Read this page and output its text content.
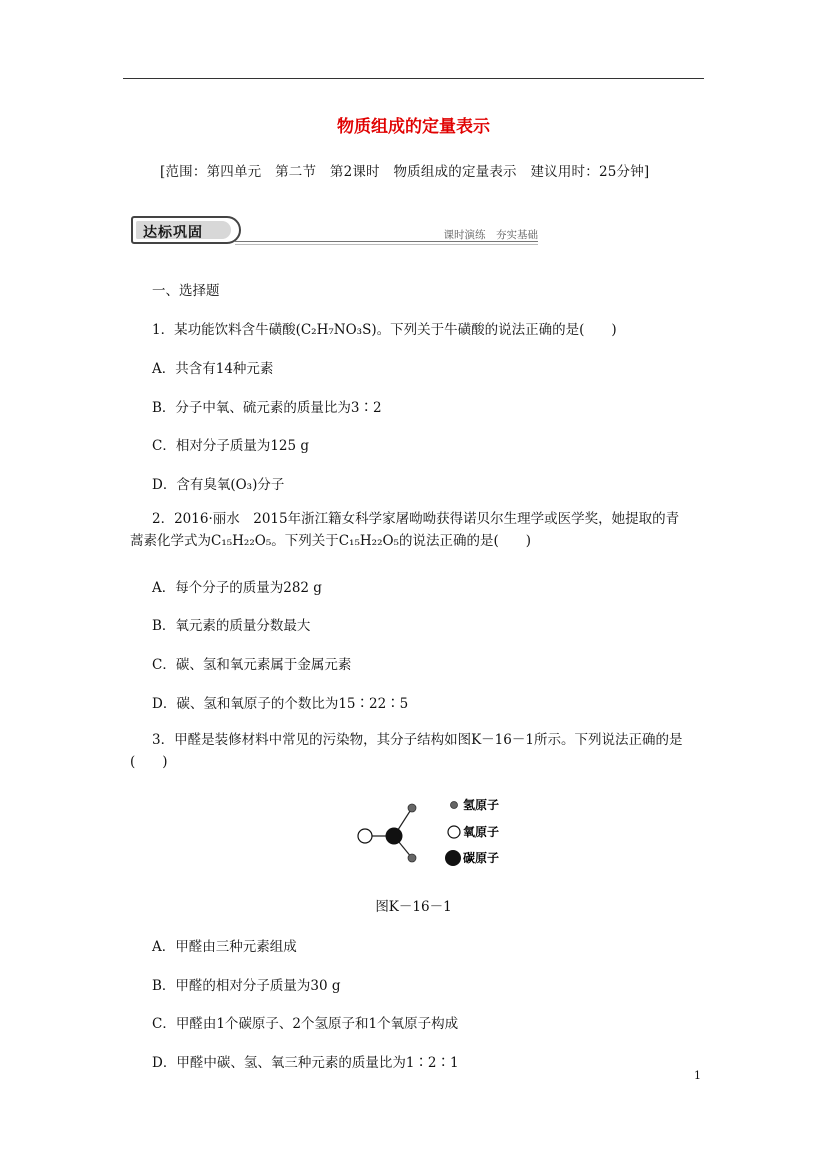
物质组成的定量表示
[范围：第四单元　第二节　第2课时　物质组成的定量表示　建议用时：25分钟]
达标巩固	课时演练　夯实基础
一、选择题
1．某功能饮料含牛磺酸(C₂H₇NO₃S)。下列关于牛磺酸的说法正确的是(　　)
A．共含有14种元素
B．分子中氧、硫元素的质量比为3∶2
C．相对分子质量为125 g
D．含有臭氧(O₃)分子
2．2016·丽水　2015年浙江籍女科学家屠呦呦获得诺贝尔生理学或医学奖，她提取的青蒿素化学式为C₁₅H₂₂O₅。下列关于C₁₅H₂₂O₅的说法正确的是(　　)
A．每个分子的质量为282 g
B．氧元素的质量分数最大
C．碳、氢和氧元素属于金属元素
D．碳、氢和氧原子的个数比为15∶22∶5
3．甲醛是装修材料中常见的污染物，其分子结构如图K－16－1所示。下列说法正确的是(　　)
氢原子
氧原子
碳原子
图K－16－1
A．甲醛由三种元素组成
B．甲醛的相对分子质量为30 g
C．甲醛由1个碳原子、2个氢原子和1个氧原子构成
D．甲醛中碳、氢、氧三种元素的质量比为1∶2∶1
1
